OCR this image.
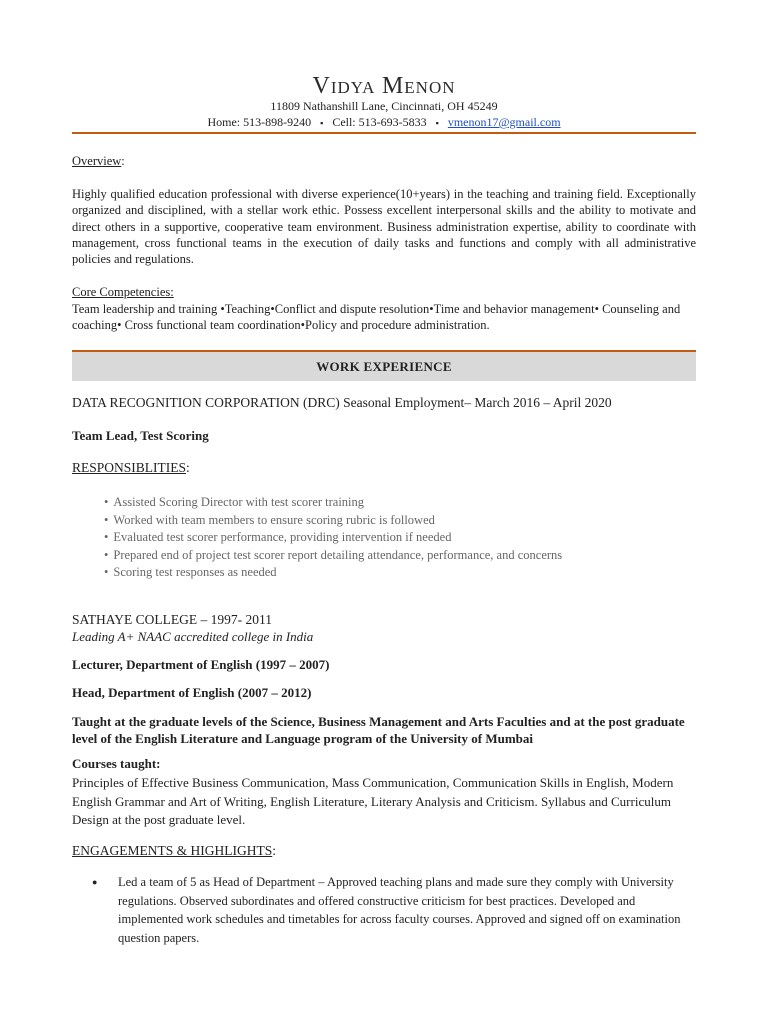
VIDYA MENON
11809 Nathanshill Lane, Cincinnati, OH 45249
Home: 513-898-9240 ▪ Cell: 513-693-5833 ▪ vmenon17@gmail.com
Overview:
Highly qualified education professional with diverse experience(10+years) in the teaching and training field. Exceptionally organized and disciplined, with a stellar work ethic. Possess excellent interpersonal skills and the ability to motivate and direct others in a supportive, cooperative team environment. Business administration expertise, ability to coordinate with management, cross functional teams in the execution of daily tasks and functions and comply with all administrative policies and regulations.
Core Competencies:
Team leadership and training •Teaching•Conflict and dispute resolution•Time and behavior management• Counseling and coaching• Cross functional team coordination•Policy and procedure administration.
WORK EXPERIENCE
DATA RECOGNITION CORPORATION (DRC) Seasonal Employment– March 2016 – April 2020
Team Lead, Test Scoring
RESPONSIBLITIES:
• Assisted Scoring Director with test scorer training
• Worked with team members to ensure scoring rubric is followed
• Evaluated test scorer performance, providing intervention if needed
• Prepared end of project test scorer report detailing attendance, performance, and concerns
• Scoring test responses as needed
SATHAYE COLLEGE – 1997- 2011
Leading A+ NAAC accredited college in India
Lecturer, Department of English (1997 – 2007)
Head, Department of English (2007 – 2012)
Taught at the graduate levels of the Science, Business Management and Arts Faculties and at the post graduate level of the English Literature and Language program of the University of Mumbai
Courses taught:
Principles of Effective Business Communication, Mass Communication, Communication Skills in English, Modern English Grammar and Art of Writing, English Literature, Literary Analysis and Criticism. Syllabus and Curriculum Design at the post graduate level.
ENGAGEMENTS & HIGHLIGHTS:
● Led a team of 5 as Head of Department – Approved teaching plans and made sure they comply with University regulations. Observed subordinates and offered constructive criticism for best practices. Developed and implemented work schedules and timetables for across faculty courses. Approved and signed off on examination question papers.
